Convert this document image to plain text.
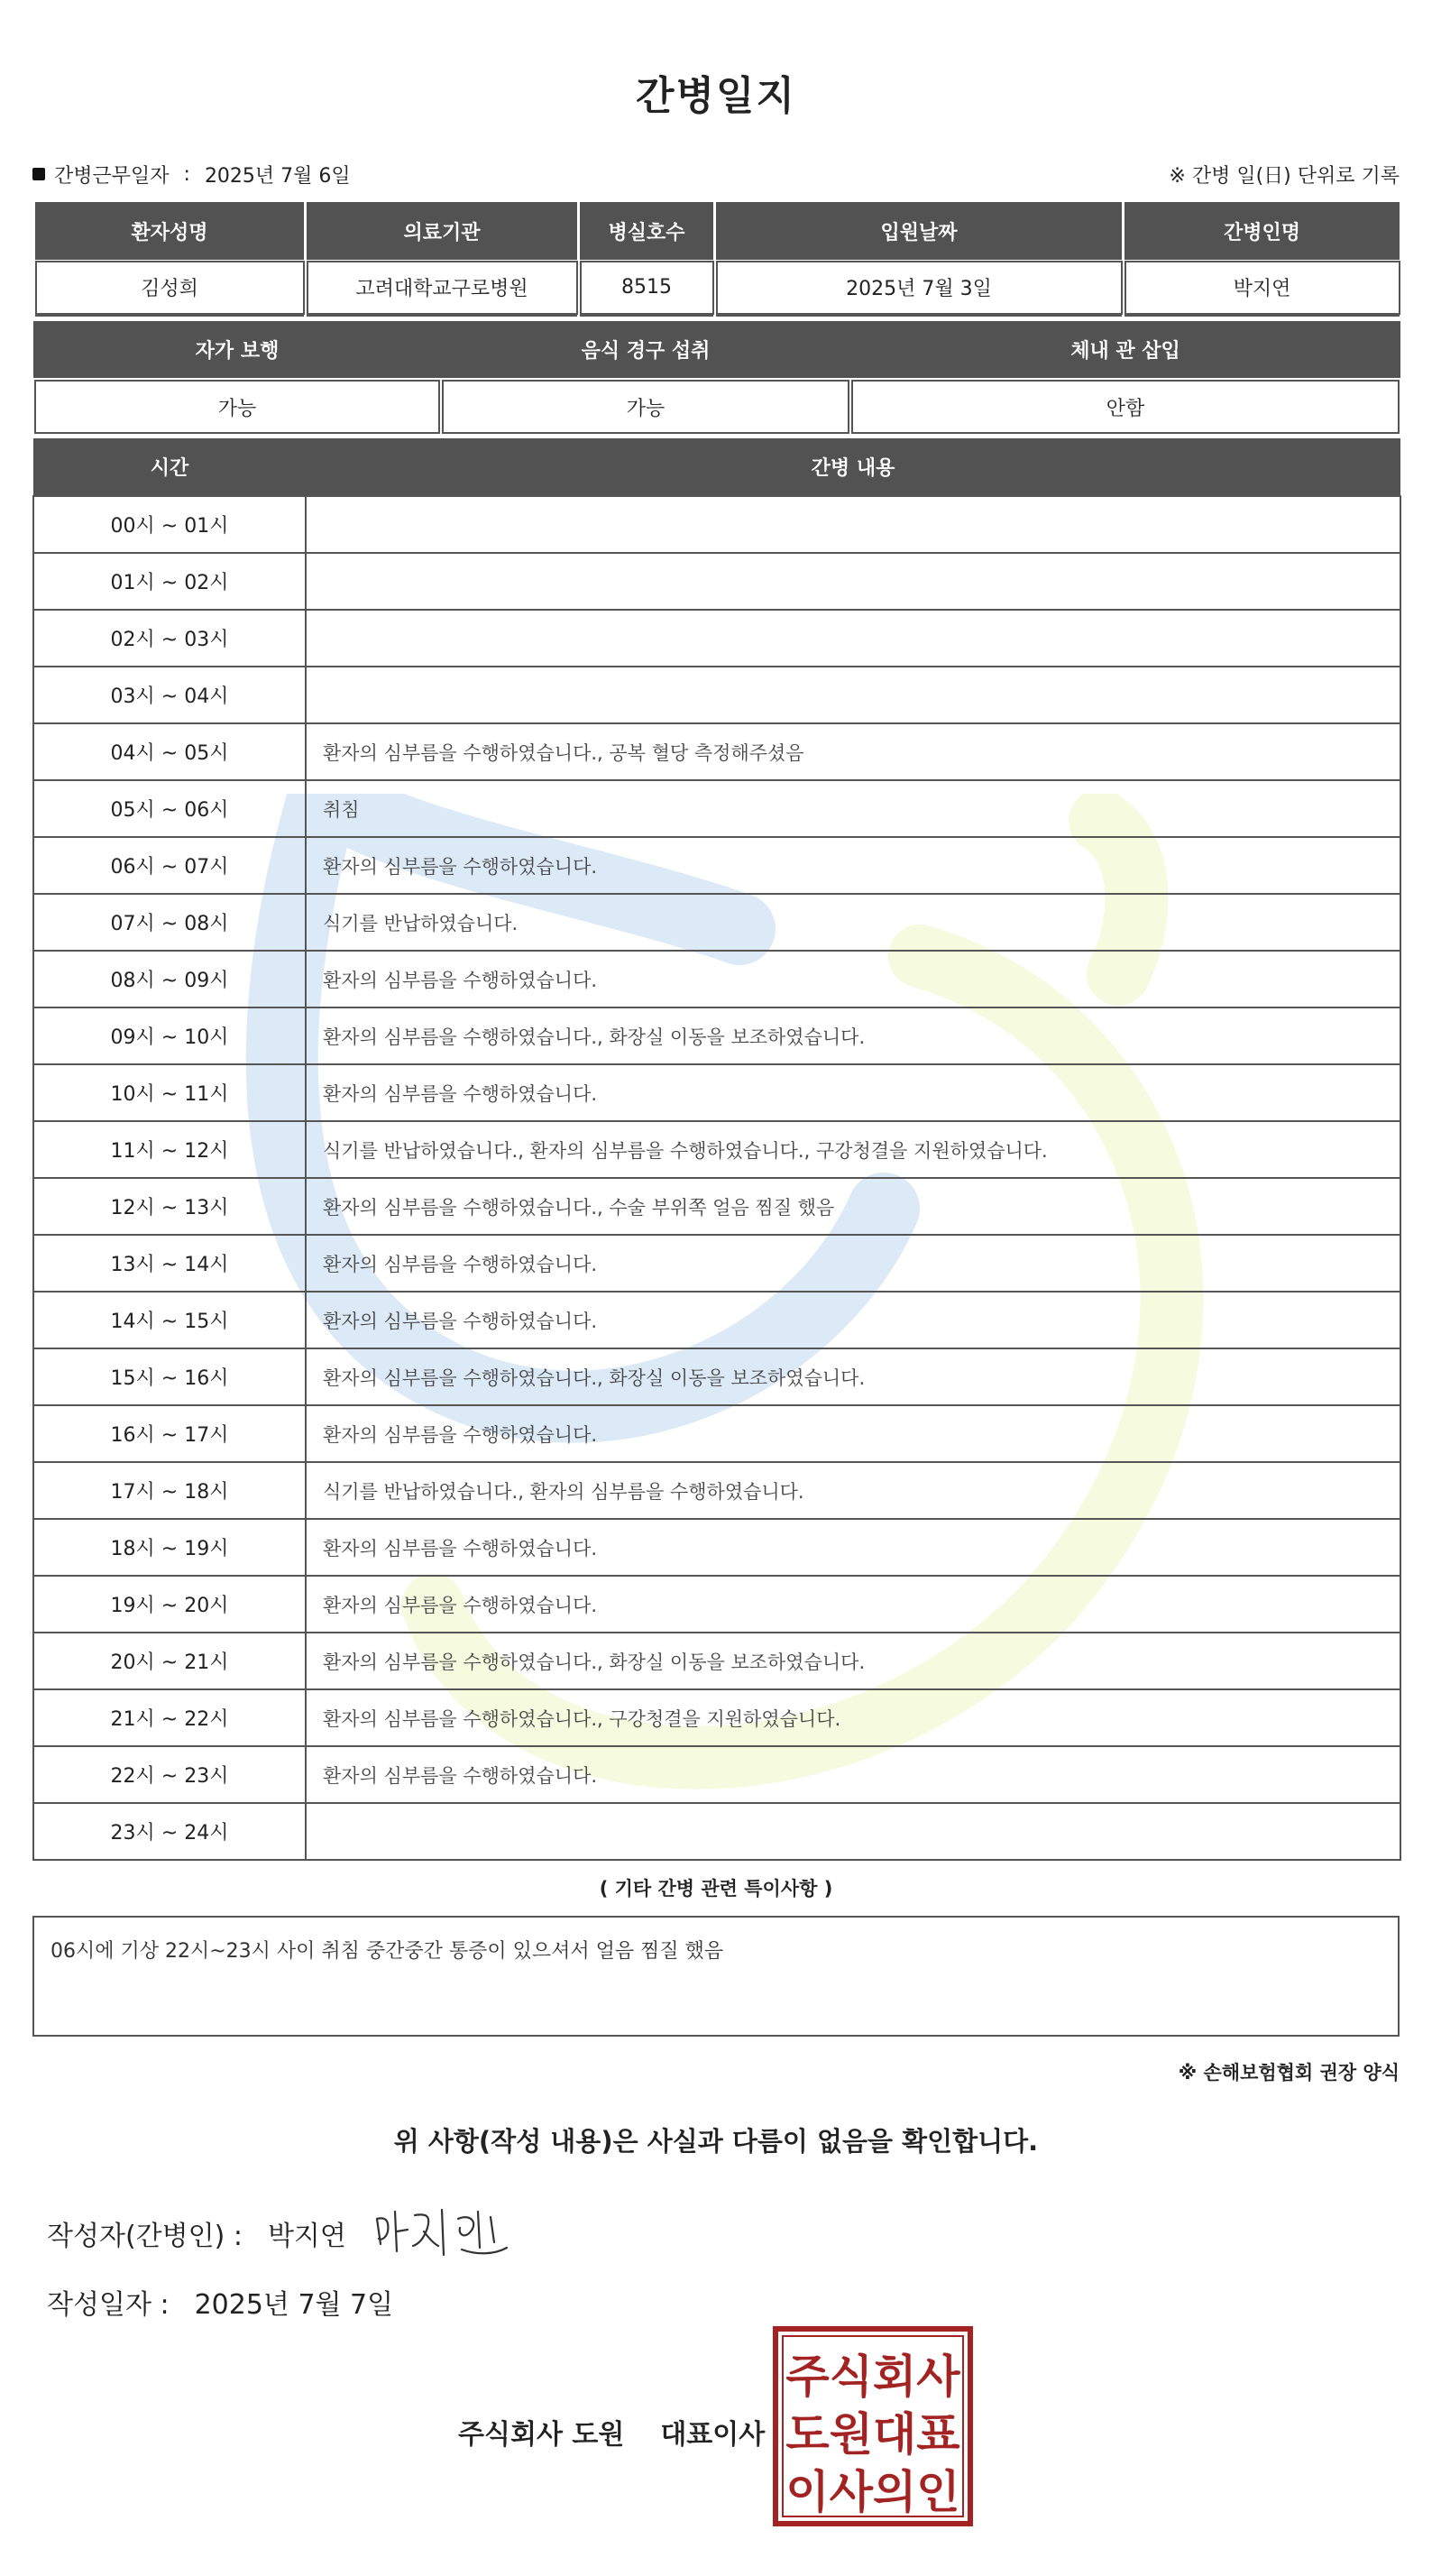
간병일지
간병근무일자 : 2025년 7월 6일	※ 간병 일(日) 단위로 기록
환자성명	의료기관	병실호수	입원날짜	간병인명
김성희	고려대학교구로병원	8515	2025년 7월 3일	박지연
자가 보행	음식 경구 섭취	체내 관 삽입
가능	가능	안함
시간	간병 내용
00시 ~ 01시	
01시 ~ 02시	
02시 ~ 03시	
03시 ~ 04시	
04시 ~ 05시	환자의 심부름을 수행하였습니다., 공복 혈당 측정해주셨음
05시 ~ 06시	취침
06시 ~ 07시	환자의 심부름을 수행하였습니다.
07시 ~ 08시	식기를 반납하였습니다.
08시 ~ 09시	환자의 심부름을 수행하였습니다.
09시 ~ 10시	환자의 심부름을 수행하였습니다., 화장실 이동을 보조하였습니다.
10시 ~ 11시	환자의 심부름을 수행하였습니다.
11시 ~ 12시	식기를 반납하였습니다., 환자의 심부름을 수행하였습니다., 구강청결을 지원하였습니다.
12시 ~ 13시	환자의 심부름을 수행하였습니다., 수술 부위쪽 얼음 찜질 했음
13시 ~ 14시	환자의 심부름을 수행하였습니다.
14시 ~ 15시	환자의 심부름을 수행하였습니다.
15시 ~ 16시	환자의 심부름을 수행하였습니다., 화장실 이동을 보조하였습니다.
16시 ~ 17시	환자의 심부름을 수행하였습니다.
17시 ~ 18시	식기를 반납하였습니다., 환자의 심부름을 수행하였습니다.
18시 ~ 19시	환자의 심부름을 수행하였습니다.
19시 ~ 20시	환자의 심부름을 수행하였습니다.
20시 ~ 21시	환자의 심부름을 수행하였습니다., 화장실 이동을 보조하였습니다.
21시 ~ 22시	환자의 심부름을 수행하였습니다., 구강청결을 지원하였습니다.
22시 ~ 23시	환자의 심부름을 수행하였습니다.
23시 ~ 24시	
( 기타 간병 관련 특이사항 )
06시에 기상 22시~23시 사이 취침 중간중간 통증이 있으셔서 얼음 찜질 했음
※ 손해보험협회 권장 양식
위 사항(작성 내용)은 사실과 다름이 없음을 확인합니다.
작성자(간병인) : 박지연
작성일자 : 2025년 7월 7일
주식회사 도원 대표이사
주식회사
도원대표
이사의인
